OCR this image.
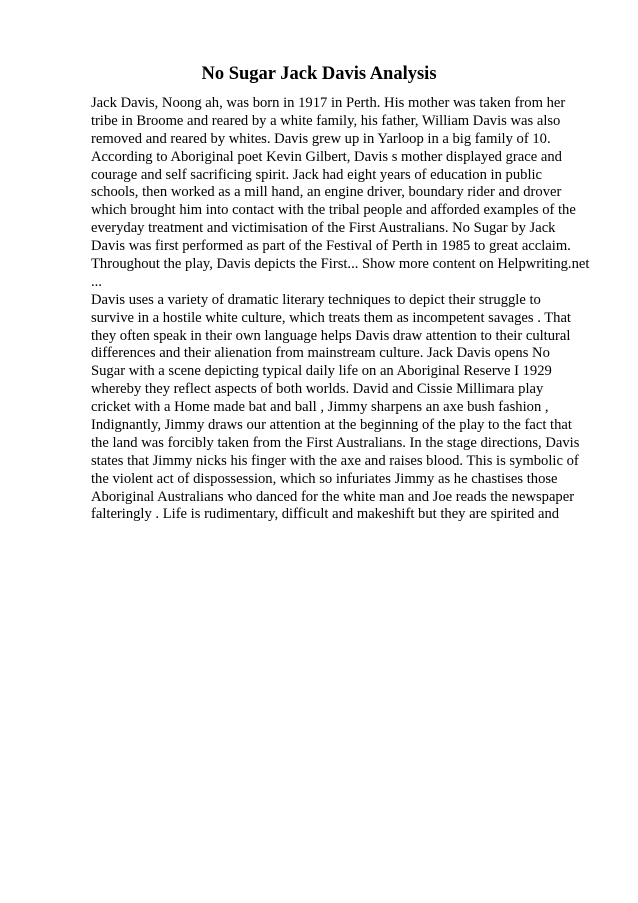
No Sugar Jack Davis Analysis
Jack Davis, Noong ah, was born in 1917 in Perth. His mother was taken from her
tribe in Broome and reared by a white family, his father, William Davis was also
removed and reared by whites. Davis grew up in Yarloop in a big family of 10.
According to Aboriginal poet Kevin Gilbert, Davis s mother displayed grace and
courage and self sacrificing spirit. Jack had eight years of education in public
schools, then worked as a mill hand, an engine driver, boundary rider and drover
which brought him into contact with the tribal people and afforded examples of the
everyday treatment and victimisation of the First Australians. No Sugar by Jack
Davis was first performed as part of the Festival of Perth in 1985 to great acclaim.
Throughout the play, Davis depicts the First... Show more content on Helpwriting.net
...
Davis uses a variety of dramatic literary techniques to depict their struggle to
survive in a hostile white culture, which treats them as incompetent savages . That
they often speak in their own language helps Davis draw attention to their cultural
differences and their alienation from mainstream culture. Jack Davis opens No
Sugar with a scene depicting typical daily life on an Aboriginal Reserve I 1929
whereby they reflect aspects of both worlds. David and Cissie Millimara play
cricket with a Home made bat and ball , Jimmy sharpens an axe bush fashion ,
Indignantly, Jimmy draws our attention at the beginning of the play to the fact that
the land was forcibly taken from the First Australians. In the stage directions, Davis
states that Jimmy nicks his finger with the axe and raises blood. This is symbolic of
the violent act of dispossession, which so infuriates Jimmy as he chastises those
Aboriginal Australians who danced for the white man and Joe reads the newspaper
falteringly . Life is rudimentary, difficult and makeshift but they are spirited and
